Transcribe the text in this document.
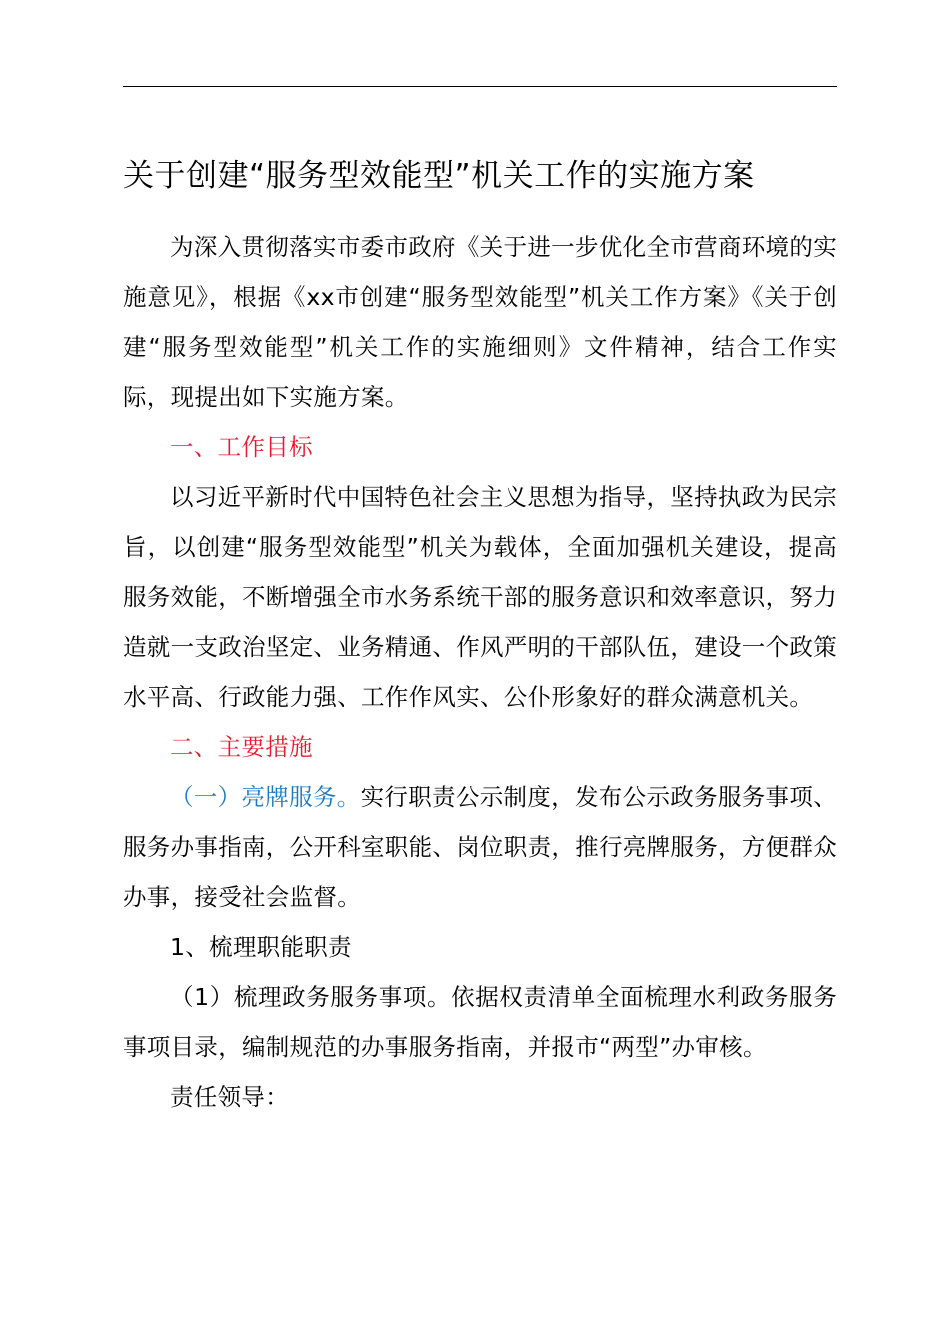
关于创建“服务型效能型”机关工作的实施方案

为深入贯彻落实市委市政府《关于进一步优化全市营商环境的实施意见》，根据《xx市创建“服务型效能型”机关工作方案》《关于创建“服务型效能型”机关工作的实施细则》文件精神，结合工作实际，现提出如下实施方案。

一、工作目标

以习近平新时代中国特色社会主义思想为指导，坚持执政为民宗旨，以创建“服务型效能型”机关为载体，全面加强机关建设，提高服务效能，不断增强全市水务系统干部的服务意识和效率意识，努力造就一支政治坚定、业务精通、作风严明的干部队伍，建设一个政策水平高、行政能力强、工作作风实、公仆形象好的群众满意机关。

二、主要措施

（一）亮牌服务。实行职责公示制度，发布公示政务服务事项、服务办事指南，公开科室职能、岗位职责，推行亮牌服务，方便群众办事，接受社会监督。

1、梳理职能职责

（1）梳理政务服务事项。依据权责清单全面梳理水利政务服务事项目录，编制规范的办事服务指南，并报市“两型”办审核。

责任领导：
